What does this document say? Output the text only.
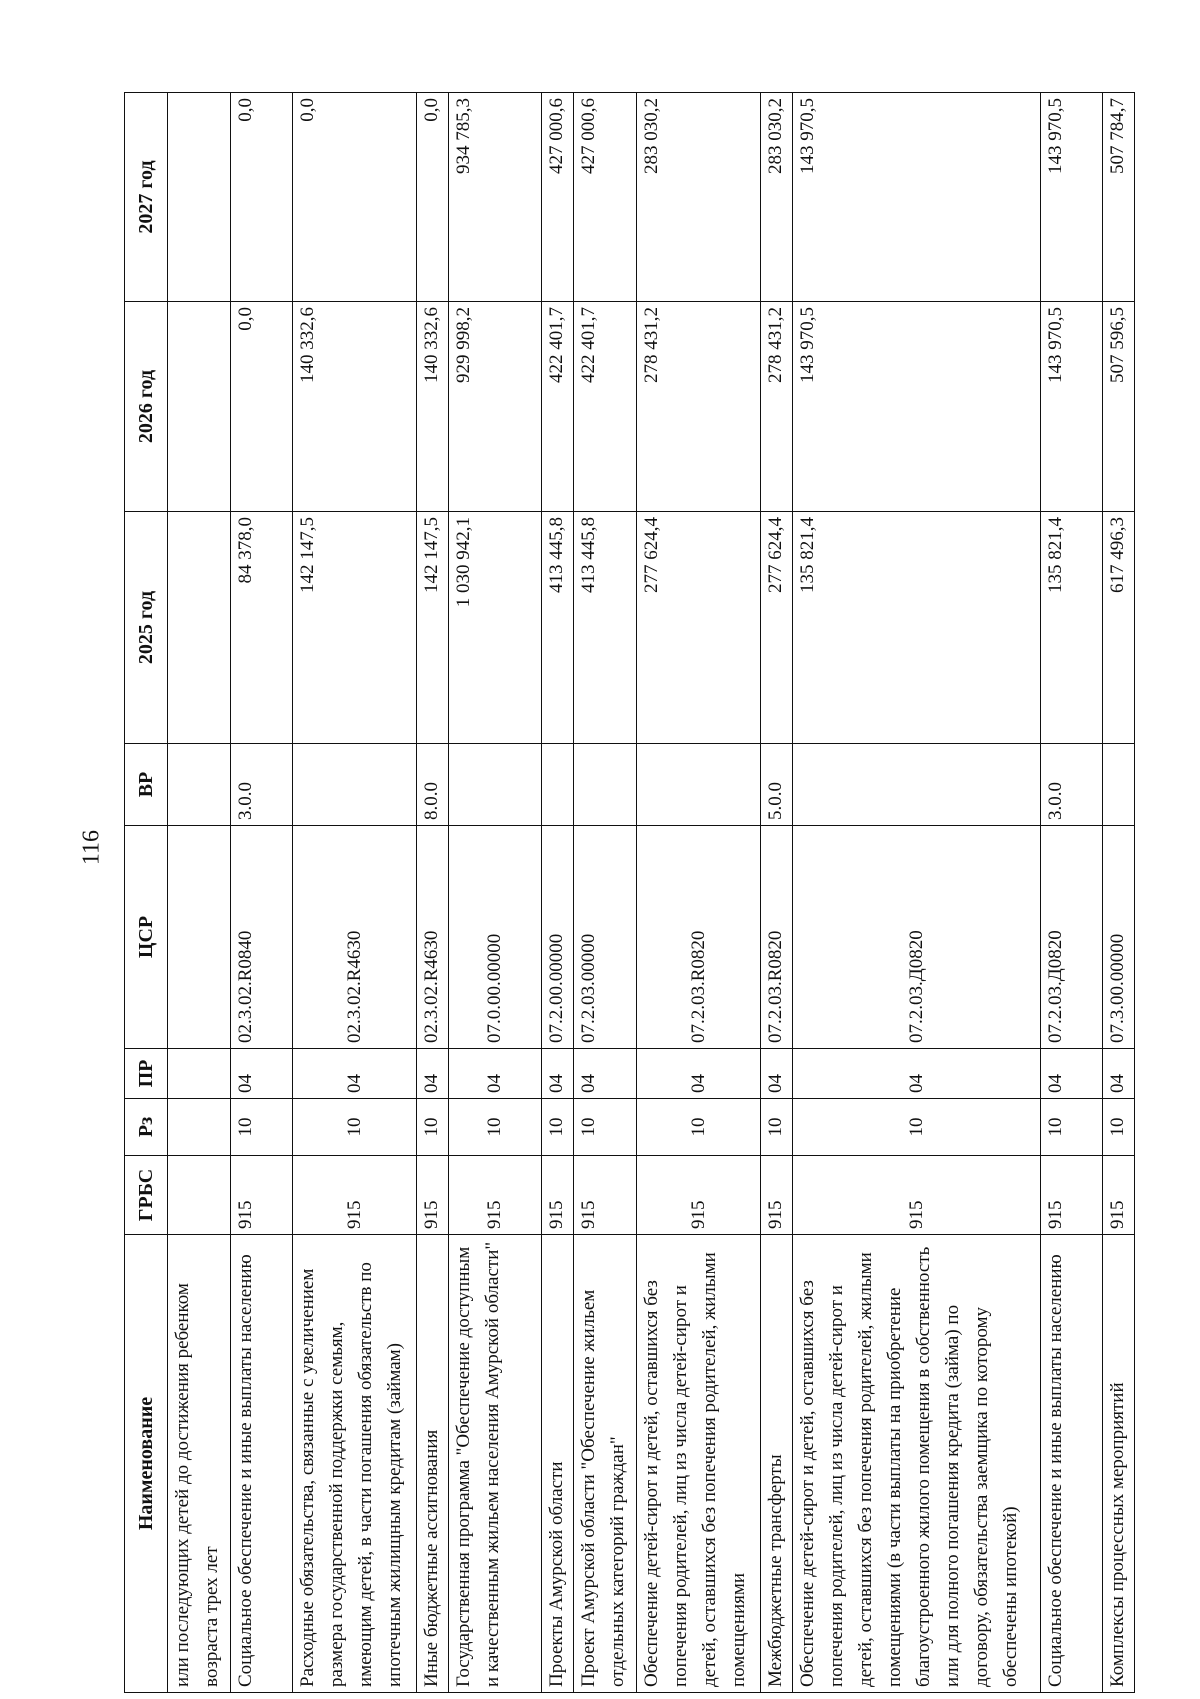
116
Наименование	ГРБС	Рз	ПР	ЦСР	ВР	2025 год	2026 год	2027 год
или последующих детей до достижения ребенком возраста трех лет								
Социальное обеспечение и иные выплаты населению	915	10	04	02.3.02.R0840	3.0.0	84 378,0	0,0	0,0
Расходные обязательства, связанные с увеличением размера государственной поддержки семьям, имеющим детей, в части погашения обязательств по ипотечным жилищным кредитам (займам)	915	10	04	02.3.02.R4630		142 147,5	140 332,6	0,0
Иные бюджетные ассигнования	915	10	04	02.3.02.R4630	8.0.0	142 147,5	140 332,6	0,0
Государственная программа "Обеспечение доступным и качественным жильем населения Амурской области"	915	10	04	07.0.00.00000		1 030 942,1	929 998,2	934 785,3
Проекты Амурской области	915	10	04	07.2.00.00000		413 445,8	422 401,7	427 000,6
Проект Амурской области "Обеспечение жильем отдельных категорий граждан"	915	10	04	07.2.03.00000		413 445,8	422 401,7	427 000,6
Обеспечение детей-сирот и детей, оставшихся без попечения родителей, лиц из числа детей-сирот и детей, оставшихся без попечения родителей, жилыми помещениями	915	10	04	07.2.03.R0820		277 624,4	278 431,2	283 030,2
Межбюджетные трансферты	915	10	04	07.2.03.R0820	5.0.0	277 624,4	278 431,2	283 030,2
Обеспечение детей-сирот и детей, оставшихся без попечения родителей, лиц из числа детей-сирот и детей, оставшихся без попечения родителей, жилыми помещениями (в части выплаты на приобретение благоустроенного жилого помещения в собственность или для полного погашения кредита (займа) по договору, обязательства заемщика по которому обеспечены ипотекой)	915	10	04	07.2.03.Д0820		135 821,4	143 970,5	143 970,5
Социальное обеспечение и иные выплаты населению	915	10	04	07.2.03.Д0820	3.0.0	135 821,4	143 970,5	143 970,5
Комплексы процессных мероприятий	915	10	04	07.3.00.00000		617 496,3	507 596,5	507 784,7
